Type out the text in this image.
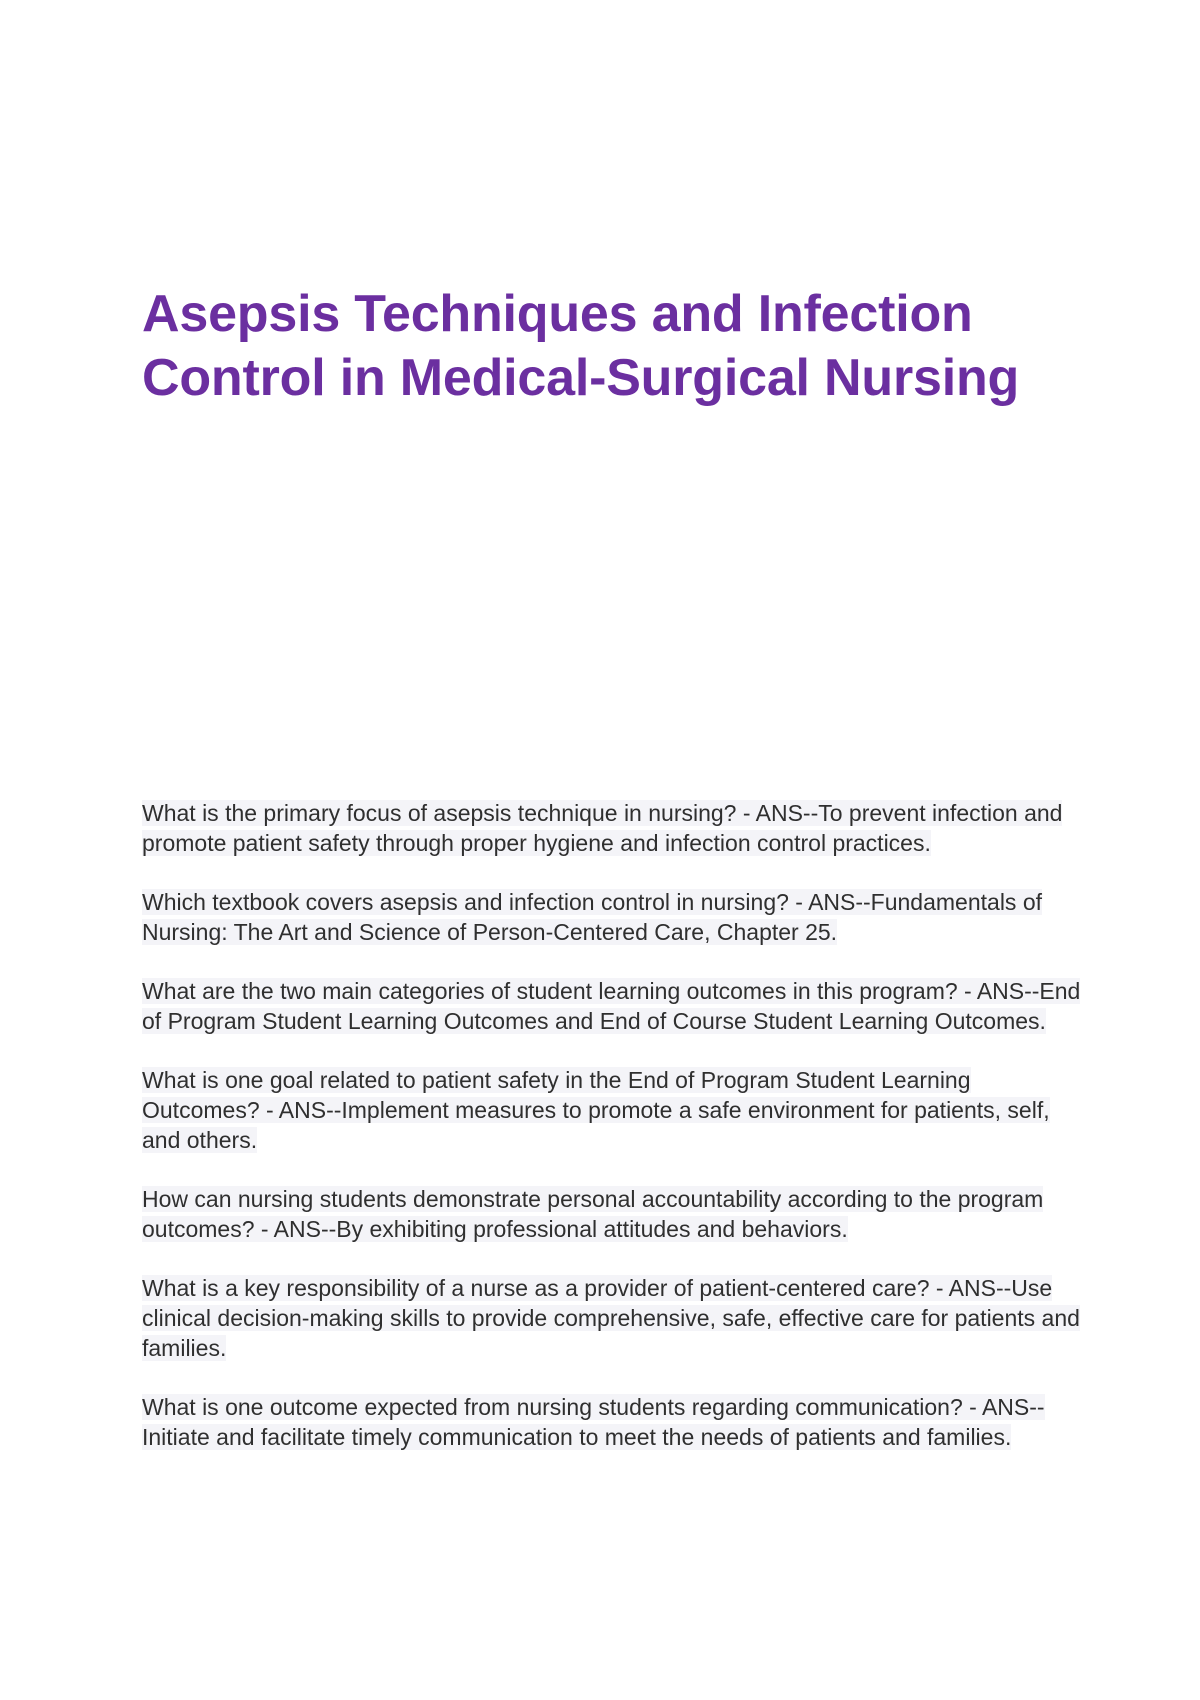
Asepsis Techniques and Infection Control in Medical-Surgical Nursing

What is the primary focus of asepsis technique in nursing? - ANS--To prevent infection and promote patient safety through proper hygiene and infection control practices.

Which textbook covers asepsis and infection control in nursing? - ANS--Fundamentals of Nursing: The Art and Science of Person-Centered Care, Chapter 25.

What are the two main categories of student learning outcomes in this program? - ANS--End of Program Student Learning Outcomes and End of Course Student Learning Outcomes.

What is one goal related to patient safety in the End of Program Student Learning Outcomes? - ANS--Implement measures to promote a safe environment for patients, self, and others.

How can nursing students demonstrate personal accountability according to the program outcomes? - ANS--By exhibiting professional attitudes and behaviors.

What is a key responsibility of a nurse as a provider of patient-centered care? - ANS--Use clinical decision-making skills to provide comprehensive, safe, effective care for patients and families.

What is one outcome expected from nursing students regarding communication? - ANS--Initiate and facilitate timely communication to meet the needs of patients and families.
